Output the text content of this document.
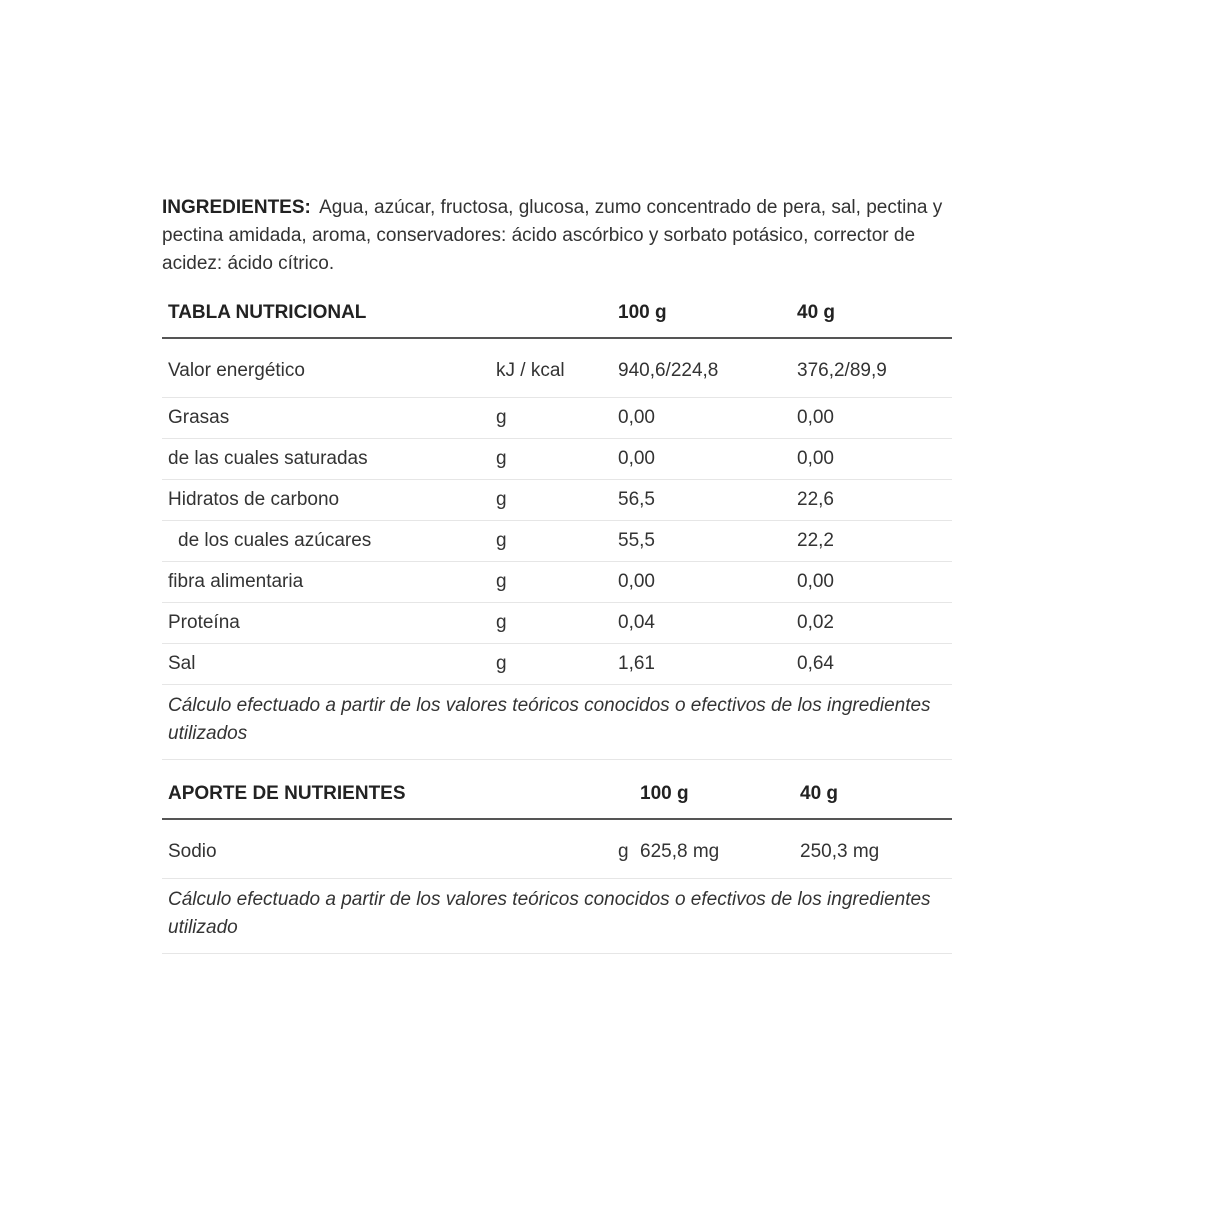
INGREDIENTES: Agua, azúcar, fructosa, glucosa, zumo concentrado de pera, sal, pectina y pectina amidada, aroma, conservadores: ácido ascórbico y sorbato potásico, corrector de acidez: ácido cítrico.

TABLA NUTRICIONAL		100 g	40 g
Valor energético	kJ / kcal	940,6/224,8	376,2/89,9
Grasas	g	0,00	0,00
de las cuales saturadas	g	0,00	0,00
Hidratos de carbono	g	56,5	22,6
de los cuales azúcares	g	55,5	22,2
fibra alimentaria	g	0,00	0,00
Proteína	g	0,04	0,02
Sal	g	1,61	0,64
Cálculo efectuado a partir de los valores teóricos conocidos o efectivos de los ingredientes utilizados			
APORTE DE NUTRIENTES		100 g	40 g
Sodio	g	625,8 mg	250,3 mg
Cálculo efectuado a partir de los valores teóricos conocidos o efectivos de los ingredientes utilizado			
